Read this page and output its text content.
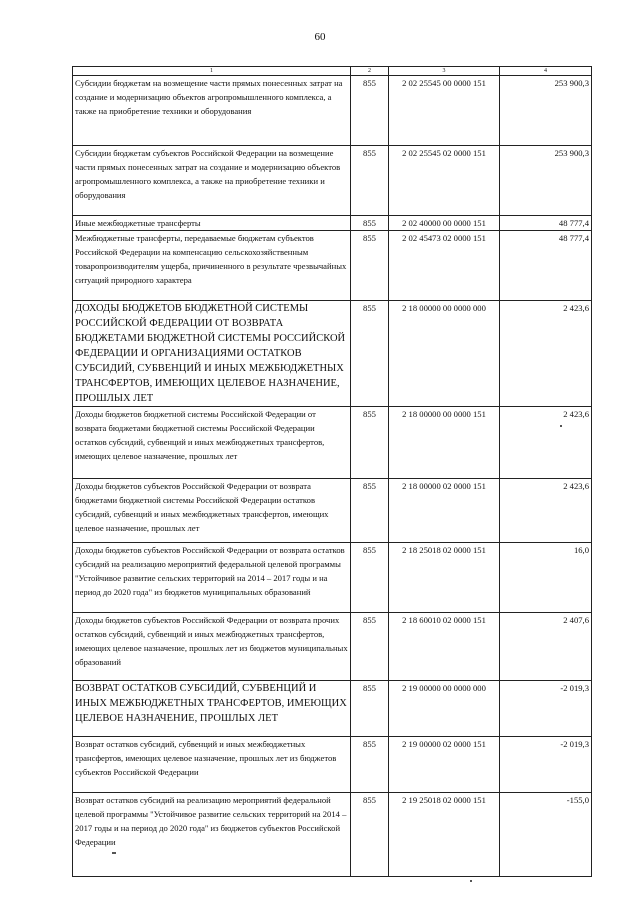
60
1	2	3	4
Субсидии бюджетам на возмещение части прямых понесенных затрат на создание и модернизацию объектов агропромышленного комплекса, а также на приобретение техники и оборудования	855	2 02 25545 00 0000 151	253 900,3
Субсидии бюджетам субъектов Российской Федерации на возмещение части прямых понесенных затрат на создание и модернизацию объектов агропромышленного комплекса, а также на приобретение техники и оборудования	855	2 02 25545 02 0000 151	253 900,3
Иные межбюджетные трансферты	855	2 02 40000 00 0000 151	48 777,4
Межбюджетные трансферты, передаваемые бюджетам субъектов Российской Федерации на компенсацию сельскохозяйственным товаропроизводителям ущерба, причиненного в результате чрезвычайных ситуаций природного характера	855	2 02 45473 02 0000 151	48 777,4
ДОХОДЫ БЮДЖЕТОВ БЮДЖЕТНОЙ СИСТЕМЫ РОССИЙСКОЙ ФЕДЕРАЦИИ ОТ ВОЗВРАТА БЮДЖЕТАМИ БЮДЖЕТНОЙ СИСТЕМЫ РОССИЙСКОЙ ФЕДЕРАЦИИ И ОРГАНИЗАЦИЯМИ ОСТАТКОВ СУБСИДИЙ, СУБВЕНЦИЙ И ИНЫХ МЕЖБЮДЖЕТНЫХ ТРАНСФЕРТОВ, ИМЕЮЩИХ ЦЕЛЕВОЕ НАЗНАЧЕНИЕ, ПРОШЛЫХ ЛЕТ	855	2 18 00000 00 0000 000	2 423,6
Доходы бюджетов бюджетной системы Российской Федерации от возврата бюджетами бюджетной системы Российской Федерации остатков субсидий, субвенций и иных межбюджетных трансфертов, имеющих целевое назначение, прошлых лет	855	2 18 00000 00 0000 151	2 423,6
Доходы бюджетов субъектов Российской Федерации от возврата бюджетами бюджетной системы Российской Федерации остатков субсидий, субвенций и иных межбюджетных трансфертов, имеющих целевое назначение, прошлых лет	855	2 18 00000 02 0000 151	2 423,6
Доходы бюджетов субъектов Российской Федерации от возврата остатков субсидий на реализацию мероприятий федеральной целевой программы "Устойчивое развитие сельских территорий на 2014 – 2017 годы и на период до 2020 года" из бюджетов муниципальных образований	855	2 18 25018 02 0000 151	16,0
Доходы бюджетов субъектов Российской Федерации от возврата прочих остатков субсидий, субвенций и иных межбюджетных трансфертов, имеющих целевое назначение, прошлых лет из бюджетов муниципальных образований	855	2 18 60010 02 0000 151	2 407,6
ВОЗВРАТ ОСТАТКОВ СУБСИДИЙ, СУБВЕНЦИЙ И ИНЫХ МЕЖБЮДЖЕТНЫХ ТРАНСФЕРТОВ, ИМЕЮЩИХ ЦЕЛЕВОЕ НАЗНАЧЕНИЕ, ПРОШЛЫХ ЛЕТ	855	2 19 00000 00 0000 000	-2 019,3
Возврат остатков субсидий, субвенций и иных межбюджетных трансфертов, имеющих целевое назначение, прошлых лет из бюджетов субъектов Российской Федерации	855	2 19 00000 02 0000 151	-2 019,3
Возврат остатков субсидий на реализацию мероприятий федеральной целевой программы "Устойчивое развитие сельских территорий на 2014 – 2017 годы и на период до 2020 года" из бюджетов субъектов Российской Федерации	855	2 19 25018 02 0000 151	-155,0
